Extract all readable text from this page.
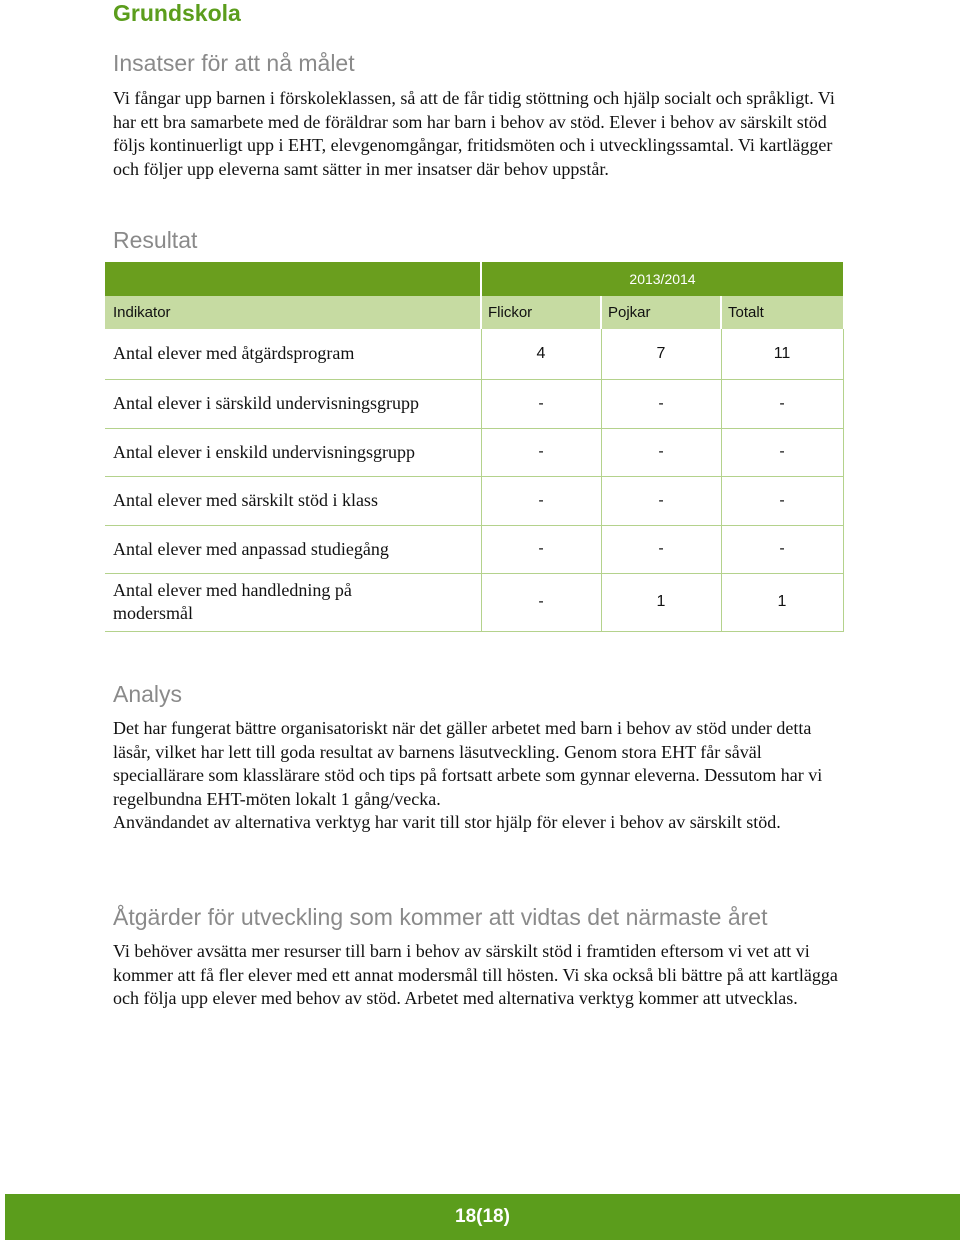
Grundskola
Insatser för att nå målet

Vi fångar upp barnen i förskoleklassen, så att de får tidig stöttning och hjälp socialt och språkligt. Vi har ett bra samarbete med de föräldrar som har barn i behov av stöd. Elever i behov av särskilt stöd följs kontinuerligt upp i EHT, elevgenomgångar, fritidsmöten och i utvecklingssamtal. Vi kartlägger och följer upp eleverna samt sätter in mer insatser där behov uppstår.

Resultat
	2013/2014		
Indikator	Flickor	Pojkar	Totalt
Antal elever med åtgärdsprogram	4	7	11
Antal elever i särskild undervisningsgrupp	-	-	-
Antal elever i enskild undervisningsgrupp	-	-	-
Antal elever med särskilt stöd i klass	-	-	-
Antal elever med anpassad studiegång	-	-	-
Antal elever med handledning på modersmål	-	1	1
Analys

Det har fungerat bättre organisatoriskt när det gäller arbetet med barn i behov av stöd under detta läsår, vilket har lett till goda resultat av barnens läsutveckling. Genom stora EHT får såväl speciallärare som klasslärare stöd och tips på fortsatt arbete som gynnar eleverna. Dessutom har vi regelbundna EHT-möten lokalt 1 gång/vecka.

Användandet av alternativa verktyg har varit till stor hjälp för elever i behov av särskilt stöd.

Åtgärder för utveckling som kommer att vidtas det närmaste året

Vi behöver avsätta mer resurser till barn i behov av särskilt stöd i framtiden eftersom vi vet att vi kommer att få fler elever med ett annat modersmål till hösten. Vi ska också bli bättre på att kartlägga och följa upp elever med behov av stöd. Arbetet med alternativa verktyg kommer att utvecklas.

18(18)
